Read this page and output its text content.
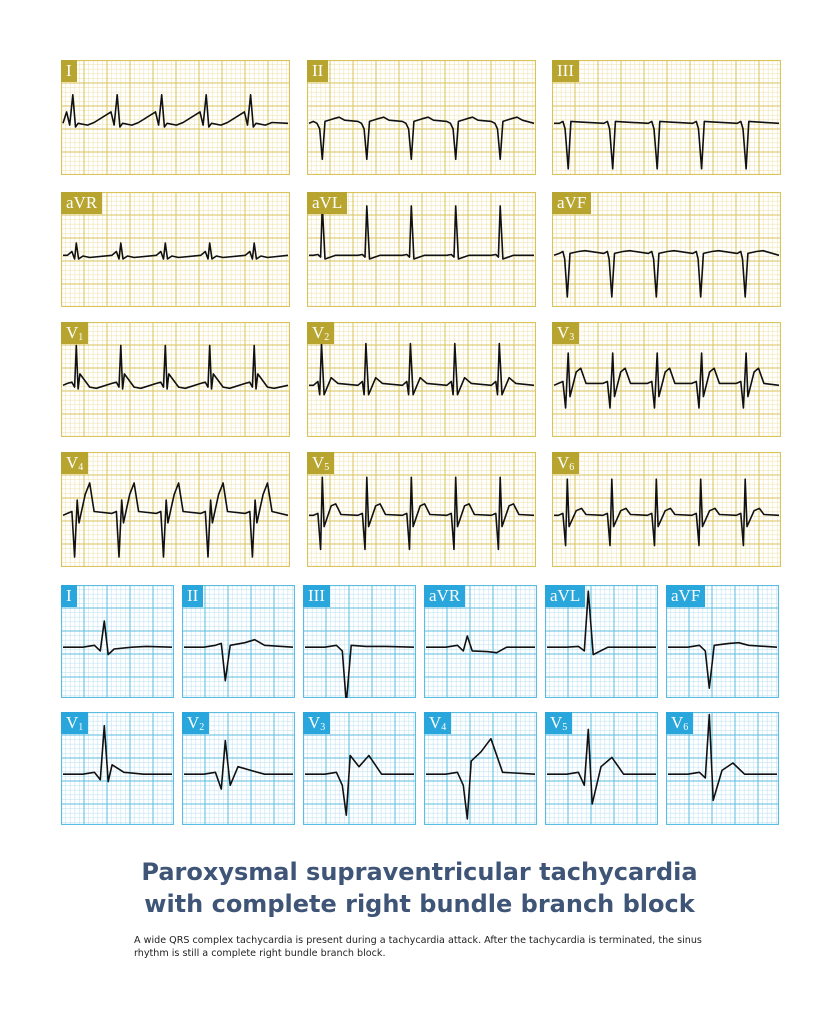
I	II	III
aVR	aVL	aVF
$V_1$	$V_2$	$V_3$
$V_4$	$V_5$	$V_6$
I	II	III	aVR	aVL	aVF
$V_1$	$V_2$	$V_3$	$V_4$	$V_5$	$V_6$
Paroxysmal supraventricular tachycardia
with complete right bundle branch block

A wide QRS complex tachycardia is present during a tachycardia attack. After the tachycardia is terminated, the sinus rhythm is still a complete right bundle branch block.
